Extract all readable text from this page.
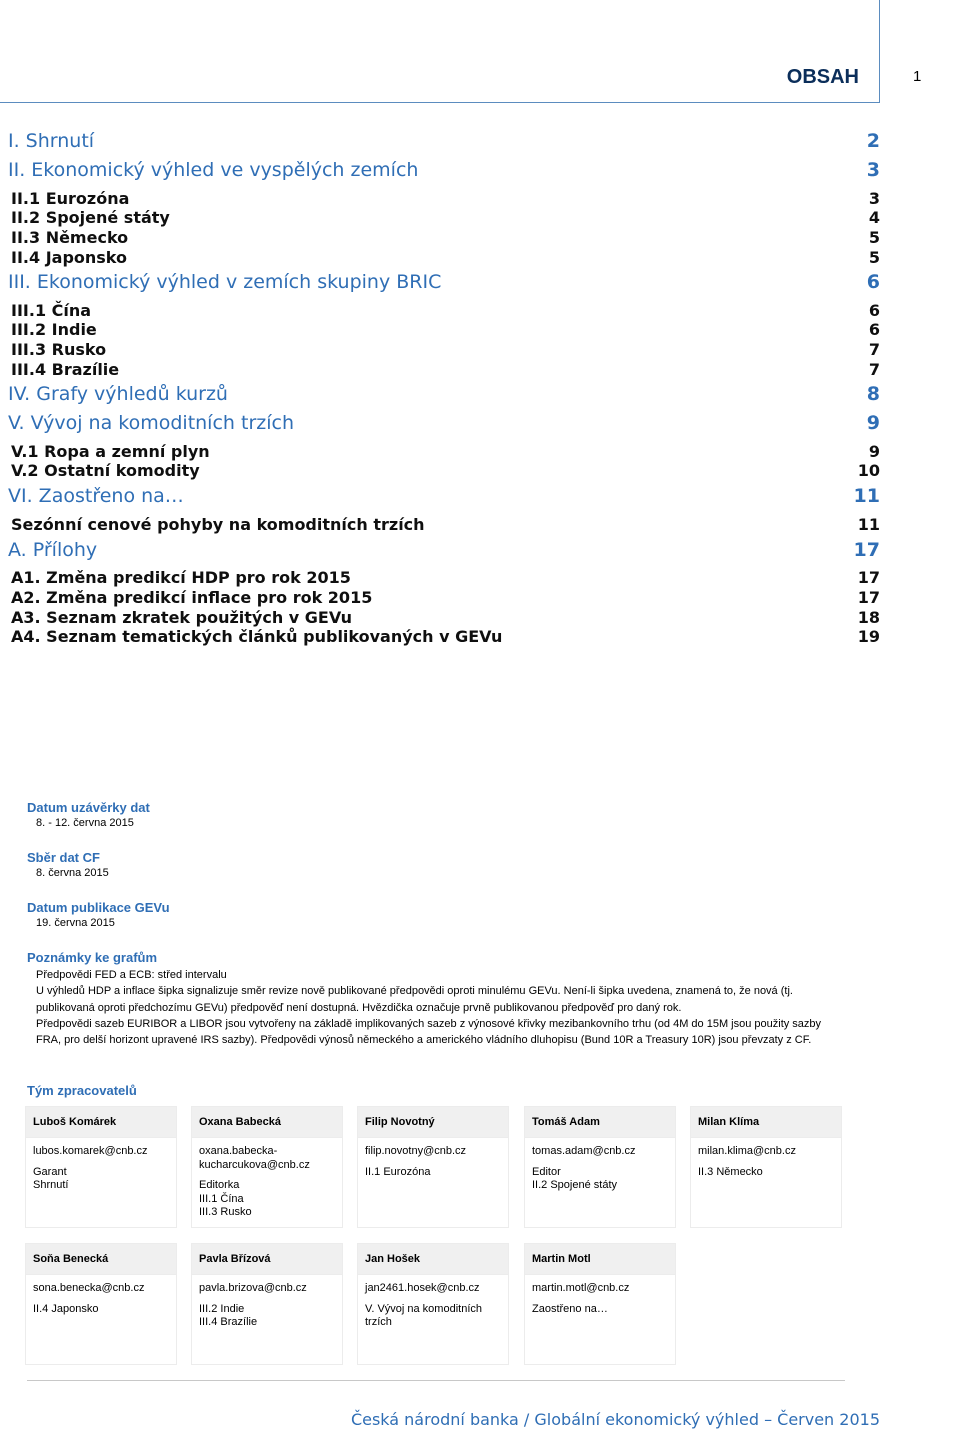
OBSAH	1
I. Shrnutí	2
II. Ekonomický výhled ve vyspělých zemích	3
II.1 Eurozóna	3
II.2 Spojené státy	4
II.3 Německo	5
II.4 Japonsko	5
III. Ekonomický výhled v zemích skupiny BRIC	6
III.1 Čína	6
III.2 Indie	6
III.3 Rusko	7
III.4 Brazílie	7
IV. Grafy výhledů kurzů	8
V. Vývoj na komoditních trzích	9
V.1 Ropa a zemní plyn	9
V.2 Ostatní komodity	10
VI. Zaostřeno na…	11
Sezónní cenové pohyby na komoditních trzích	11
A. Přílohy	17
A1. Změna predikcí HDP pro rok 2015	17
A2. Změna predikcí inflace pro rok 2015	17
A3. Seznam zkratek použitých v GEVu	18
A4. Seznam tematických článků publikovaných v GEVu	19
Datum uzávěrky dat
8. - 12. června 2015
Sběr dat CF
8. června 2015
Datum publikace GEVu
19. června 2015
Poznámky ke grafům

Předpovědi FED a ECB: střed intervalu

U výhledů HDP a inflace šipka signalizuje směr revize nově publikované předpovědi oproti minulému GEVu. Není-li šipka uvedena, znamená to, že nová (tj. publikovaná oproti předchozímu GEVu) předpověď není dostupná. Hvězdička označuje prvně publikovanou předpověď pro daný rok.

Předpovědi sazeb EURIBOR a LIBOR jsou vytvořeny na základě implikovaných sazeb z výnosové křivky mezibankovního trhu (od 4M do 15M jsou použity sazby FRA, pro delší horizont upravené IRS sazby). Předpovědi výnosů německého a amerického vládního dluhopisu (Bund 10R a Treasury 10R) jsou převzaty z CF.

Tým zpracovatelů
Luboš Komárek
lubos.komarek@cnb.cz
Garant
Shrnutí
Oxana Babecká
oxana.babecka-
kucharcukova@cnb.cz
Editorka
III.1 Čína
III.3 Rusko
Filip Novotný
filip.novotny@cnb.cz
II.1 Eurozóna
Tomáš Adam
tomas.adam@cnb.cz
Editor
II.2 Spojené státy
Milan Klíma
milan.klima@cnb.cz
II.3 Německo
Soňa Benecká
sona.benecka@cnb.cz
II.4 Japonsko
Pavla Břízová
pavla.brizova@cnb.cz
III.2 Indie
III.4 Brazílie
Jan Hošek
jan2461.hosek@cnb.cz
V. Vývoj na komoditních
trzích
Martin Motl
martin.motl@cnb.cz
Zaostřeno na…
Česká národní banka / Globální ekonomický výhled – Červen 2015
